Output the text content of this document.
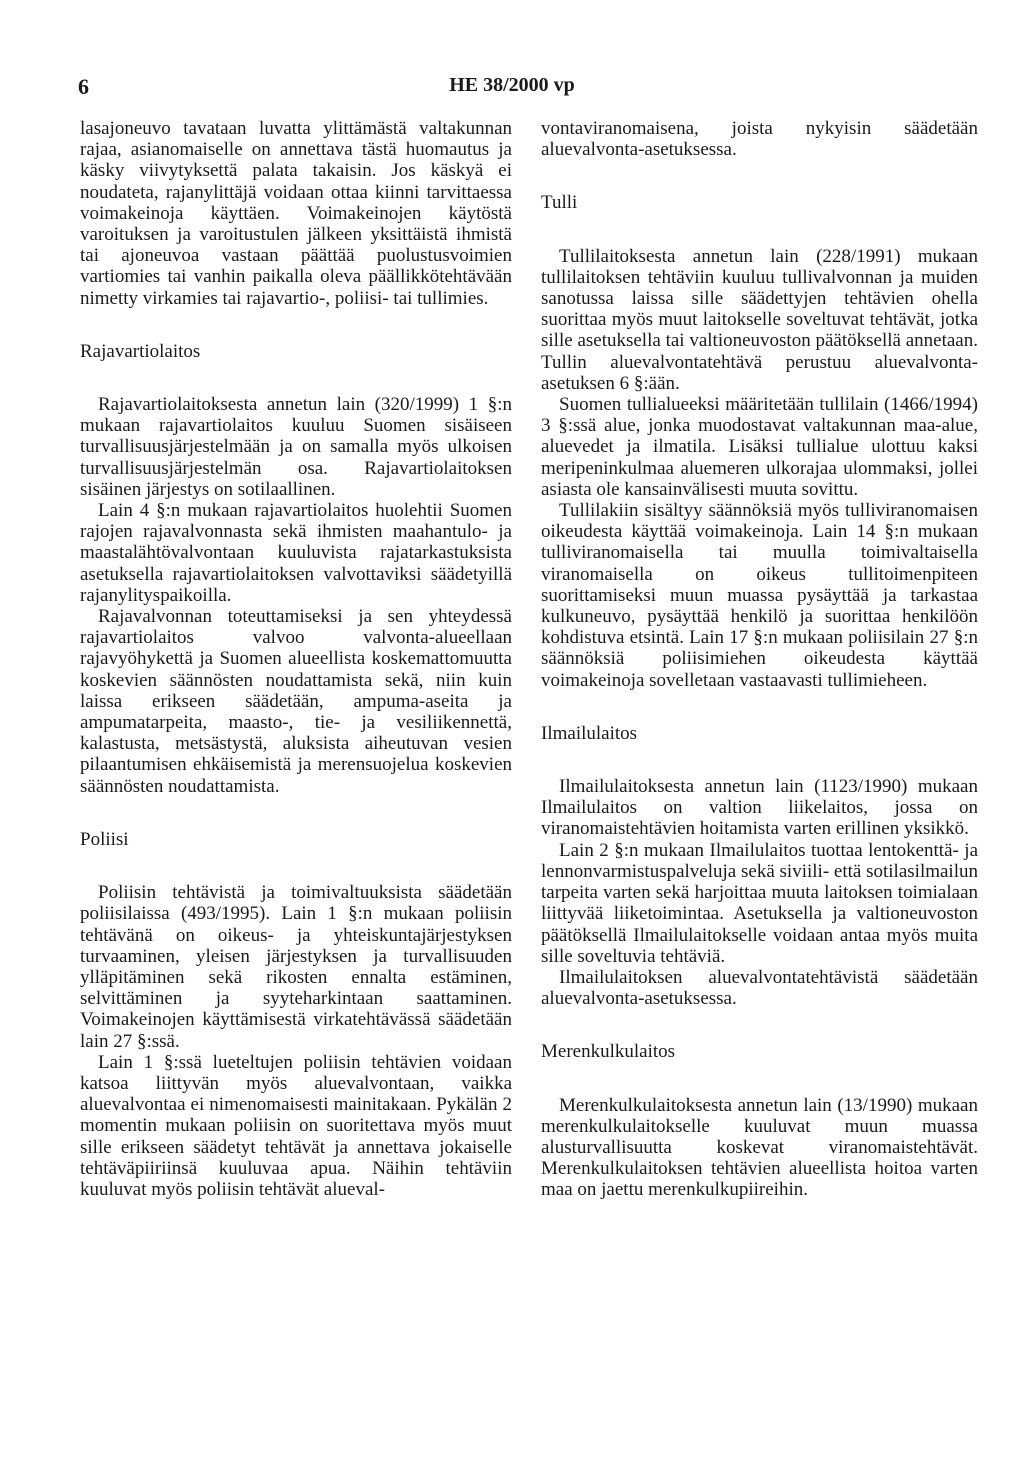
6	HE 38/2000 vp

lasajoneuvo tavataan luvatta ylittämästä valtakunnan rajaa, asianomaiselle on annettava tästä huomautus ja käsky viivytyksettä palata takaisin. Jos käskyä ei noudateta, rajanylittäjä voidaan ottaa kiinni tarvittaessa voimakeinoja käyttäen. Voimakeinojen käytöstä varoituksen ja varoitustulen jälkeen yksittäistä ihmistä tai ajoneuvoa vastaan päättää puolustusvoimien vartiomies tai vanhin paikalla oleva päällikkötehtävään nimetty virkamies tai rajavartio-, poliisi- tai tullimies.

Rajavartiolaitos

Rajavartiolaitoksesta annetun lain (320/1999) 1 §:n mukaan rajavartiolaitos kuuluu Suomen sisäiseen turvallisuusjärjestelmään ja on samalla myös ulkoisen turvallisuusjärjestelmän osa. Rajavartiolaitoksen sisäinen järjestys on sotilaallinen.

Lain 4 §:n mukaan rajavartiolaitos huolehtii Suomen rajojen rajavalvonnasta sekä ihmisten maahantulo- ja maastalähtövalvontaan kuuluvista rajatarkastuksista asetuksella rajavartiolaitoksen valvottaviksi säädetyillä rajanylityspaikoilla.

Rajavalvonnan toteuttamiseksi ja sen yhteydessä rajavartiolaitos valvoo valvonta-alueellaan rajavyöhykettä ja Suomen alueellista koskemattomuutta koskevien säännösten noudattamista sekä, niin kuin laissa erikseen säädetään, ampuma-aseita ja ampumatarpeita, maasto-, tie- ja vesiliikennettä, kalastusta, metsästystä, aluksista aiheutuvan vesien pilaantumisen ehkäisemistä ja merensuojelua koskevien säännösten noudattamista.

Poliisi

Poliisin tehtävistä ja toimivaltuuksista säädetään poliisilaissa (493/1995). Lain 1 §:n mukaan poliisin tehtävänä on oikeus- ja yhteiskuntajärjestyksen turvaaminen, yleisen järjestyksen ja turvallisuuden ylläpitäminen sekä rikosten ennalta estäminen, selvittäminen ja syyteharkintaan saattaminen. Voimakeinojen käyttämisestä virkatehtävässä säädetään lain 27 §:ssä.

Lain 1 §:ssä lueteltujen poliisin tehtävien voidaan katsoa liittyvän myös aluevalvontaan, vaikka aluevalvontaa ei nimenomaisesti mainitakaan. Pykälän 2 momentin mukaan poliisin on suoritettava myös muut sille erikseen säädetyt tehtävät ja annettava jokaiselle tehtäväpiiriinsä kuuluvaa apua. Näihin tehtäviin kuuluvat myös poliisin tehtävät alueval-

vontaviranomaisena, joista nykyisin säädetään aluevalvonta-asetuksessa.

Tulli

Tullilaitoksesta annetun lain (228/1991) mukaan tullilaitoksen tehtäviin kuuluu tullivalvonnan ja muiden sanotussa laissa sille säädettyjen tehtävien ohella suorittaa myös muut laitokselle soveltuvat tehtävät, jotka sille asetuksella tai valtioneuvoston päätöksellä annetaan. Tullin aluevalvontatehtävä perustuu aluevalvonta-asetuksen 6 §:ään.

Suomen tullialueeksi määritetään tullilain (1466/1994) 3 §:ssä alue, jonka muodostavat valtakunnan maa-alue, aluevedet ja ilmatila. Lisäksi tullialue ulottuu kaksi meripeninkulmaa aluemeren ulkorajaa ulommaksi, jollei asiasta ole kansainvälisesti muuta sovittu.

Tullilakiin sisältyy säännöksiä myös tulliviranomaisen oikeudesta käyttää voimakeinoja. Lain 14 §:n mukaan tulliviranomaisella tai muulla toimivaltaisella viranomaisella on oikeus tullitoimenpiteen suorittamiseksi muun muassa pysäyttää ja tarkastaa kulkuneuvo, pysäyttää henkilö ja suorittaa henkilöön kohdistuva etsintä. Lain 17 §:n mukaan poliisilain 27 §:n säännöksiä poliisimiehen oikeudesta käyttää voimakeinoja sovelletaan vastaavasti tullimieheen.

Ilmailulaitos

Ilmailulaitoksesta annetun lain (1123/1990) mukaan Ilmailulaitos on valtion liikelaitos, jossa on viranomaistehtävien hoitamista varten erillinen yksikkö.

Lain 2 §:n mukaan Ilmailulaitos tuottaa lentokenttä- ja lennonvarmistuspalveluja sekä siviili- että sotilasilmailun tarpeita varten sekä harjoittaa muuta laitoksen toimialaan liittyvää liiketoimintaa. Asetuksella ja valtioneuvoston päätöksellä Ilmailulaitokselle voidaan antaa myös muita sille soveltuvia tehtäviä.

Ilmailulaitoksen aluevalvontatehtävistä säädetään aluevalvonta-asetuksessa.

Merenkulkulaitos

Merenkulkulaitoksesta annetun lain (13/1990) mukaan merenkulkulaitokselle kuuluvat muun muassa alusturvallisuutta koskevat viranomaistehtävät. Merenkulkulaitoksen tehtävien alueellista hoitoa varten maa on jaettu merenkulkupiireihin.
